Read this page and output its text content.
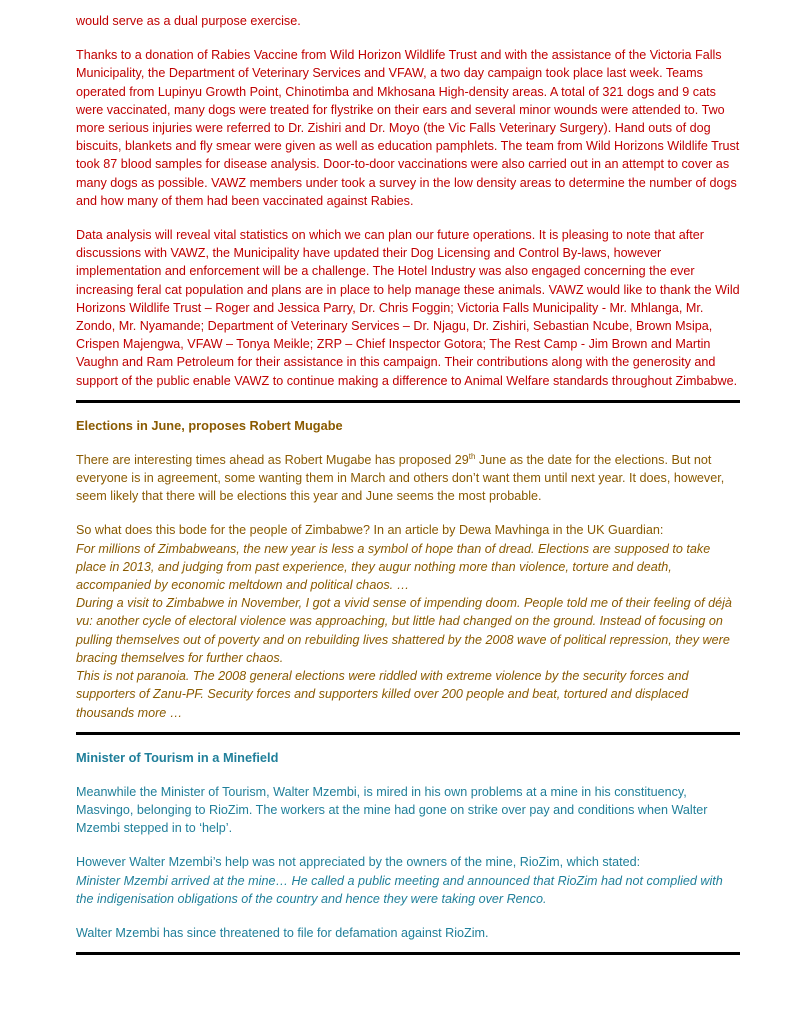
would serve as a dual purpose exercise.

Thanks to a donation of Rabies Vaccine from Wild Horizon Wildlife Trust and with the assistance of the Victoria Falls Municipality, the Department of Veterinary Services and VFAW, a two day campaign took place last week. Teams operated from Lupinyu Growth Point, Chinotimba and Mkhosana High-density areas. A total of 321 dogs and 9 cats were vaccinated, many dogs were treated for flystrike on their ears and several minor wounds were attended to. Two more serious injuries were referred to Dr. Zishiri and Dr. Moyo (the Vic Falls Veterinary Surgery). Hand outs of dog biscuits, blankets and fly smear were given as well as education pamphlets. The team from Wild Horizons Wildlife Trust took 87 blood samples for disease analysis. Door-to-door vaccinations were also carried out in an attempt to cover as many dogs as possible. VAWZ members under took a survey in the low density areas to determine the number of dogs and how many of them had been vaccinated against Rabies.

Data analysis will reveal vital statistics on which we can plan our future operations. It is pleasing to note that after discussions with VAWZ, the Municipality have updated their Dog Licensing and Control By-laws, however implementation and enforcement will be a challenge. The Hotel Industry was also engaged concerning the ever increasing feral cat population and plans are in place to help manage these animals. VAWZ would like to thank the Wild Horizons Wildlife Trust – Roger and Jessica Parry, Dr. Chris Foggin; Victoria Falls Municipality - Mr. Mhlanga, Mr. Zondo, Mr. Nyamande; Department of Veterinary Services – Dr. Njagu, Dr. Zishiri, Sebastian Ncube, Brown Msipa, Crispen Majengwa, VFAW – Tonya Meikle; ZRP – Chief Inspector Gotora; The Rest Camp - Jim Brown and Martin Vaughn and Ram Petroleum for their assistance in this campaign. Their contributions along with the generosity and support of the public enable VAWZ to continue making a difference to Animal Welfare standards throughout Zimbabwe.

Elections in June, proposes Robert Mugabe

There are interesting times ahead as Robert Mugabe has proposed 29th June as the date for the elections. But not everyone is in agreement, some wanting them in March and others don’t want them until next year. It does, however, seem likely that there will be elections this year and June seems the most probable.

So what does this bode for the people of Zimbabwe? In an article by Dewa Mavhinga in the UK Guardian:

For millions of Zimbabweans, the new year is less a symbol of hope than of dread. Elections are supposed to take place in 2013, and judging from past experience, they augur nothing more than violence, torture and death, accompanied by economic meltdown and political chaos. …

During a visit to Zimbabwe in November, I got a vivid sense of impending doom. People told me of their feeling of déjà vu: another cycle of electoral violence was approaching, but little had changed on the ground. Instead of focusing on pulling themselves out of poverty and on rebuilding lives shattered by the 2008 wave of political repression, they were bracing themselves for further chaos.

This is not paranoia. The 2008 general elections were riddled with extreme violence by the security forces and supporters of Zanu-PF. Security forces and supporters killed over 200 people and beat, tortured and displaced thousands more …

Minister of Tourism in a Minefield

Meanwhile the Minister of Tourism, Walter Mzembi, is mired in his own problems at a mine in his constituency, Masvingo, belonging to RioZim. The workers at the mine had gone on strike over pay and conditions when Walter Mzembi stepped in to ‘help’.

However Walter Mzembi’s help was not appreciated by the owners of the mine, RioZim, which stated:

Minister Mzembi arrived at the mine… He called a public meeting and announced that RioZim had not complied with the indigenisation obligations of the country and hence they were taking over Renco.

Walter Mzembi has since threatened to file for defamation against RioZim.
